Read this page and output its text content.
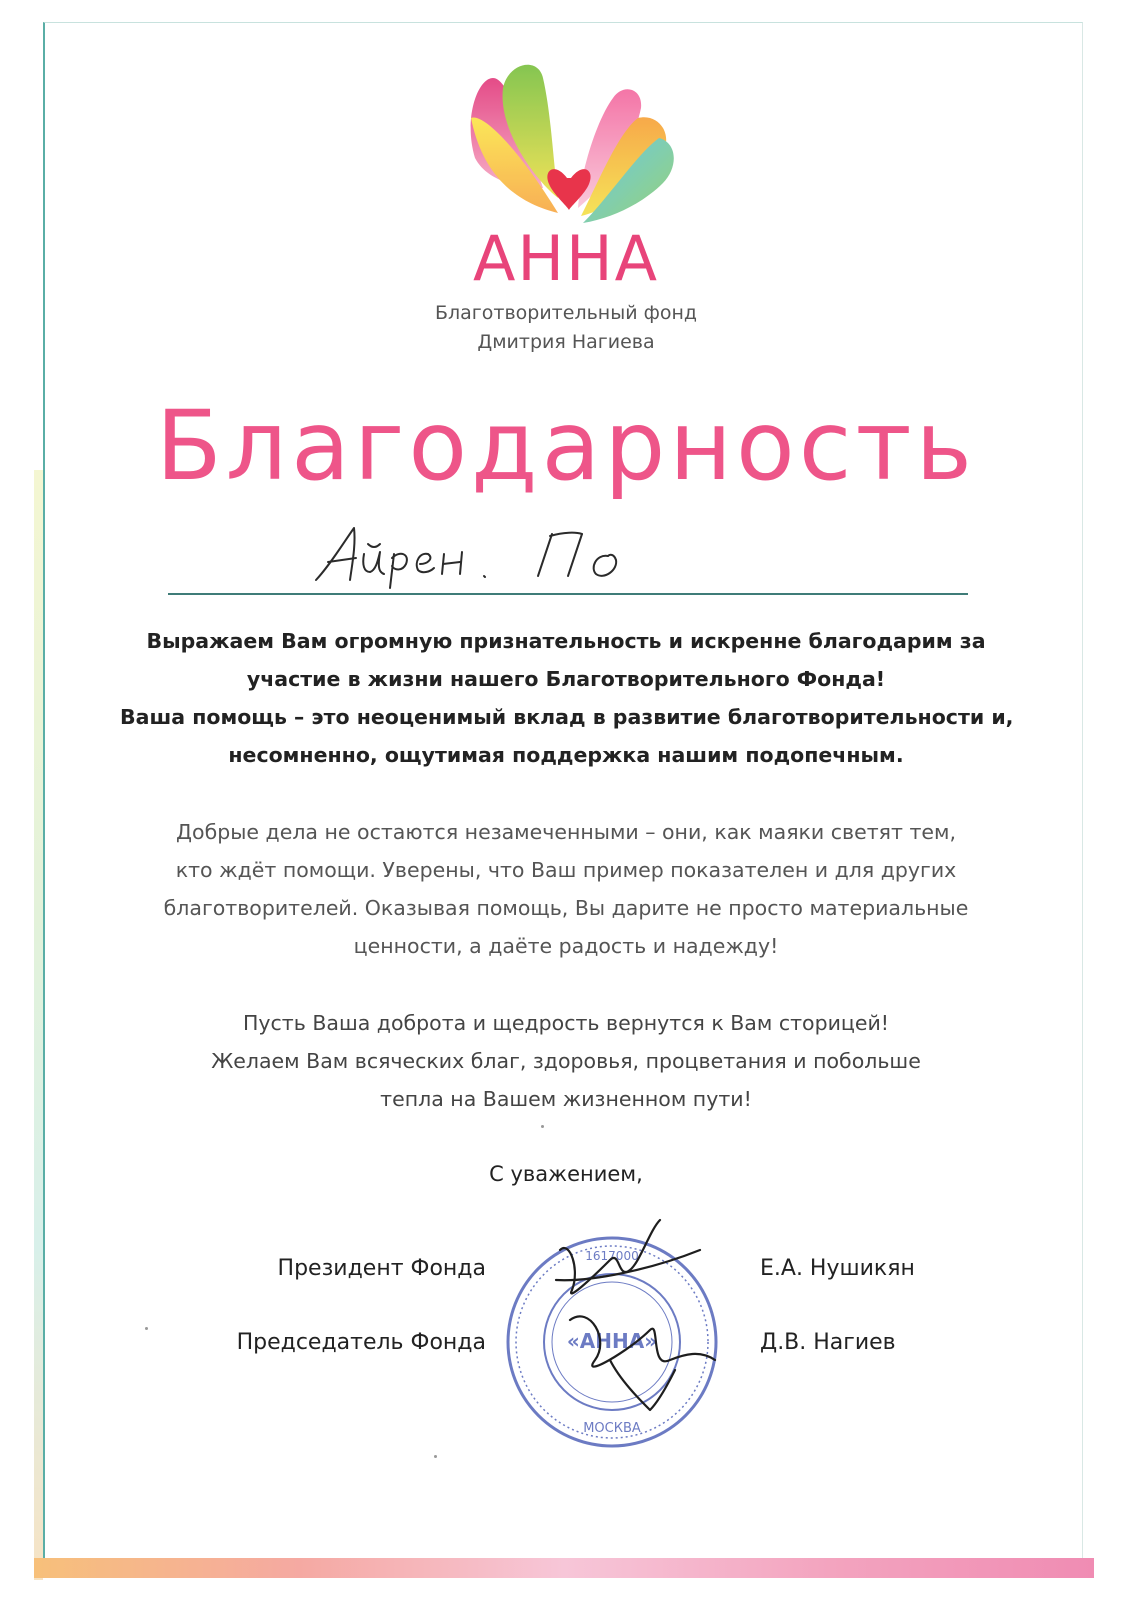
АННА
Благотворительный фонд
Дмитрия Нагиева
Благодарность
Выражаем Вам огромную признательность и искренне благодарим за
участие в жизни нашего Благотворительного Фонда!
Ваша помощь – это неоценимый вклад в развитие благотворительности и,
несомненно, ощутимая поддержка нашим подопечным.
Добрые дела не остаются незамеченными – они, как маяки светят тем,
кто ждёт помощи. Уверены, что Ваш пример показателен и для других
благотворителей. Оказывая помощь, Вы дарите не просто материальные
ценности, а даёте радость и надежду!
Пусть Ваша доброта и щедрость вернутся к Вам сторицей!
Желаем Вам всяческих благ, здоровья, процветания и побольше
тепла на Вашем жизненном пути!
С уважением,
Президент Фонда	Е.А. Нушикян
Председатель Фонда	Д.В. Нагиев
«АННА»
МОСКВА
1617000
